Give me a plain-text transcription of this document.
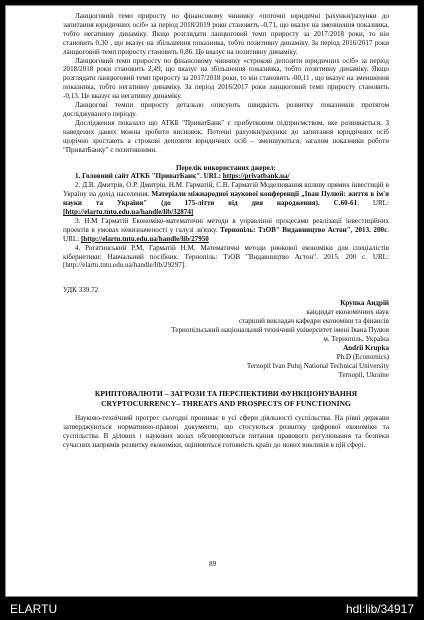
Ланцюговий темп приросту по фінансовому чиннику «поточні юридичні рахунки/рахунки до запитання юридичних осіб» за період 2018/2019 роки становить -0,71, що вказує на зменшення показника, тобто негативну динаміку. Якщо розглядати ланцюговий темп приросту за 2017/2018 роки, то він становить 0,30 , що вказує на збільшення показника, тобто позитивну динаміку. За період 2016/2017 роки ланцюговий темп приросту становить 0,86. Це вказує на позитивну динаміку.

Ланцюговий темп приросту по фінансовому чиннику «строкові депозити юридичних осіб» за період 2018/2018 роки становить 2,49, що вказує на збільшення показника, тобто позитивну динаміку. Якщо розглядати ланцюговий темп приросту за 2017/2018 роки, то він становить -00,11 , що вказує на зменшення показника, тобто негативну динаміку. За період 2016/2017 роки ланцюговий темп приросту становить -0,13. Це вказує на негативну динаміку.

Ланцюгові темпи приросту детально описують швидкість розвитку показників протягом досліджуваного періоду.

Дослідження показало що АТКБ "ПриватБанк" є прибутковим підприємством, яке розвивається. З наведених даних можна зробити висновок, Поточні рахунки/рахунки до запитання юридичних осіб щорічно зростають а строкові депозити юридичних осіб – зменшуються, загалом показники роботи "ПриватБанку" є позитивними.

Перелік використаних джерел:

1. Головний сайт АТКБ "ПриватБанк". URL: https://privatbank.ua/

2. Д.В. Дмитрів, О.Р. Дмитрів, Н.М. Гарматій, С.В. Гарматій Моделювання впливу прямих інвестицій в Україну на дохід населення. Матеріали міжнародної наукової конференції „Іван Пулюй: життя в ім'я науки та України" (до 175-ліття від дня народження). С.60-61. URL: [http://elartu.tntu.edu.ua/handle/lib/32874]

3. Н.М Гарматій Економіко-математичні методи в управлінні процесами реалізації інвестиційних проектів в умовах невизначеності у галузі зв'язку. Тернопіль: ТзОВ" Видавництво Астон", 2013. 200с. URL: [http://elartu.tntu.edu.ua/handle/lib/27950

4. Рогатинський Р.М, Гарматій Н.М. Математичні методи ринкової економіки для спеціалістів кібернетики: Навчальний посібник. Тернопіль: ТзОВ "Видавництво Астон". 2015. 200 с. URL: [http://elartu.tntu.edu.ua/handle/lib/29297].

УДК 339.72

Крупка Андрій
кандидат економічних наук
старший викладач кафедри економіки та фінансів
Тернопільський національний технічний університет імені Івана Пулюя
м. Тернопіль, Україна
Andrii Krupka
Ph.D (Economics)
Ternopil Ivan Puluj National Technical University
Ternopil, Ukraine
КРИПТОВАЛЮТИ – ЗАГРОЗИ ТА ПЕРСПЕКТИВИ ФУНКЦІОНУВАННЯ
CRYPTOCURRENCY– THREATS AND PROSPECTS OF FUNCTIONING

Науково-технічний прогрес сьогодні проникає в усі сфери діяльності суспільства. На рівні держави затверджуються нормативно-правові документи, що стосуються розвитку цифрової економіки та суспільства. В ділових і наукових колах обговорюються питання правового регулювання та безпеки сучасних напрямів розвитку економіки, оцінюються готовність країн до нових викликів в цій сфері.

89
ELARTU	hdl:lib/34917
